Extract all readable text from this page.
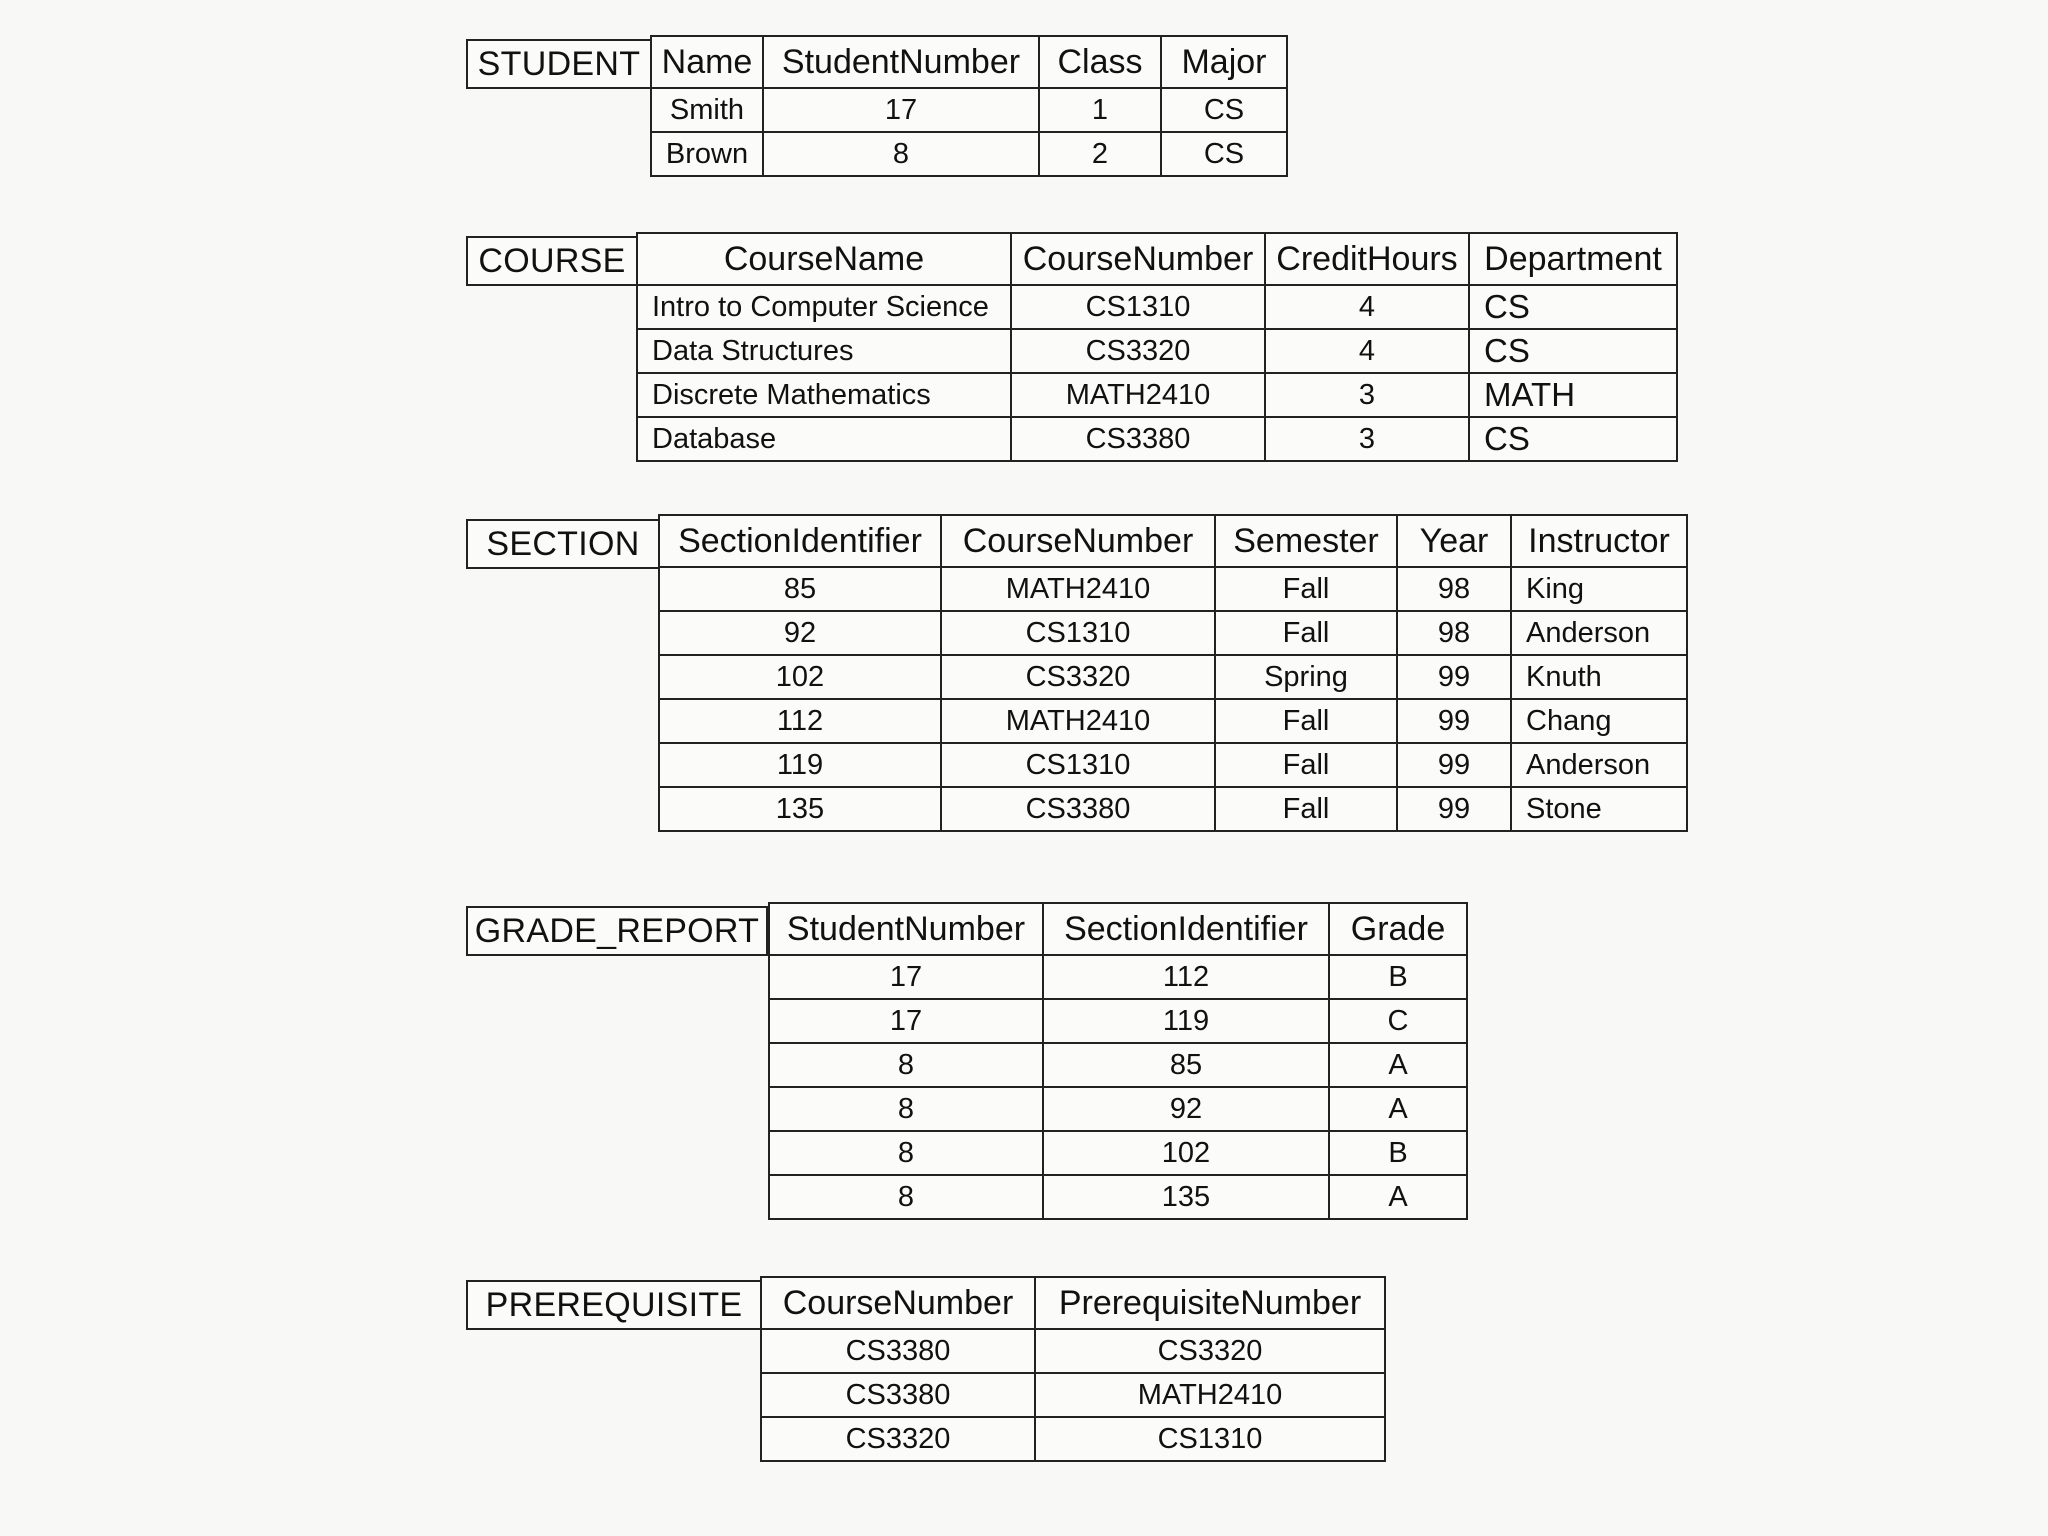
STUDENT Name	StudentNumber	Class	Major
Smith	17	1	CS
Brown	8	2	CS
COURSE	CourseName	CourseNumber	CreditHours	Department
Intro to Computer Science	CS1310	4	CS
Data Structures	CS3320	4	CS
Discrete Mathematics	MATH2410	3	MATH
Database	CS3380	3	CS
SECTION	SectionIdentifier	CourseNumber	Semester	Year	Instructor
85	MATH2410	Fall	98	King
92	CS1310	Fall	98	Anderson
102	CS3320	Spring	99	Knuth
112	MATH2410	Fall	99	Chang
119	CS1310	Fall	99	Anderson
135	CS3380	Fall	99	Stone
GRADE_REPORT StudentNumber	SectionIdentifier	Grade
17	112	B
17	119	C
8	85	A
8	92	A
8	102	B
8	135	A
PREREQUISITE	CourseNumber	PrerequisiteNumber
CS3380	CS3320
CS3380	MATH2410
CS3320	CS1310
